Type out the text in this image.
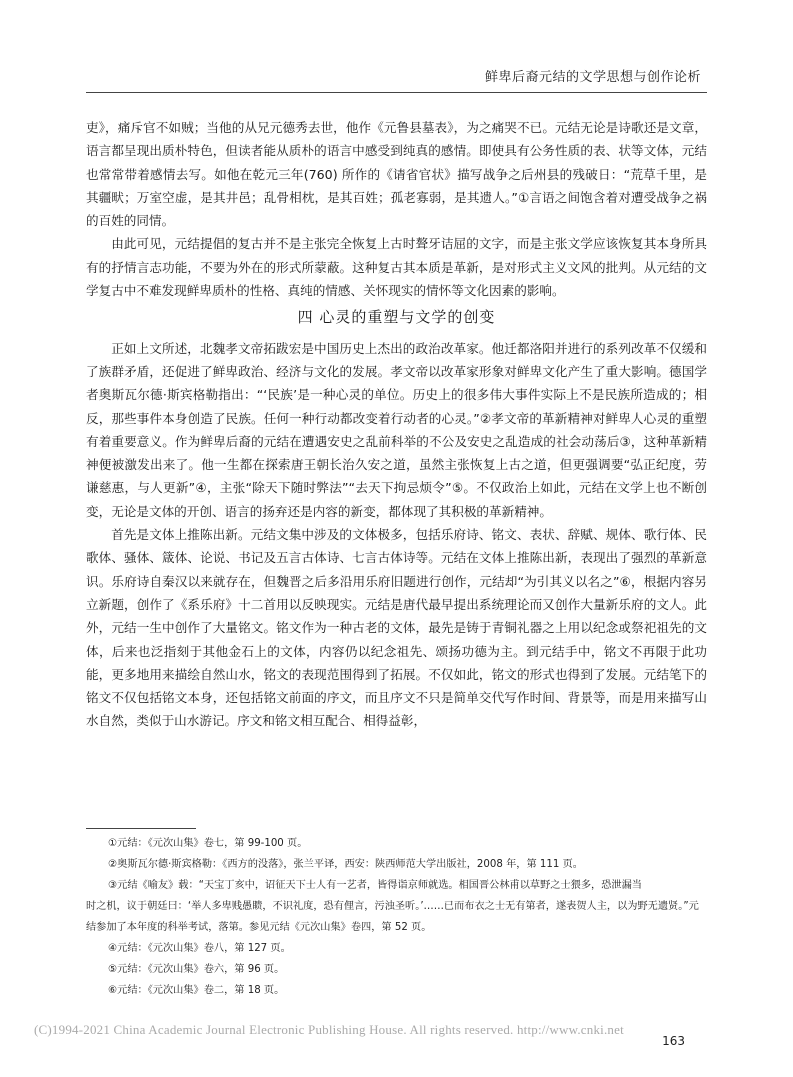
鲜卑后裔元结的文学思想与创作论析

吏》，痛斥官不如贼；当他的从兄元德秀去世，他作《元鲁县墓表》，为之痛哭不已。元结无论是诗歌还是文章，语言都呈现出质朴特色，但读者能从质朴的语言中感受到纯真的感情。即使具有公务性质的表、状等文体，元结也常常带着感情去写。如他在乾元三年(760) 所作的《请省官状》描写战争之后州县的残破日：“荒草千里，是其疆畎；万室空虚，是其井邑；乱骨相枕，是其百姓；孤老寡弱，是其遗人。”①言语之间饱含着对遭受战争之祸的百姓的同情。

由此可见，元结提倡的复古并不是主张完全恢复上古时聱牙诘屈的文字，而是主张文学应该恢复其本身所具有的抒情言志功能，不要为外在的形式所蒙蔽。这种复古其本质是革新，是对形式主义文风的批判。从元结的文学复古中不难发现鲜卑质朴的性格、真纯的情感、关怀现实的情怀等文化因素的影响。

四 心灵的重塑与文学的创变

正如上文所述，北魏孝文帝拓跋宏是中国历史上杰出的政治改革家。他迁都洛阳并进行的系列改革不仅缓和了族群矛盾，还促进了鲜卑政治、经济与文化的发展。孝文帝以改革家形象对鲜卑文化产生了重大影响。德国学者奥斯瓦尔德·斯宾格勒指出：“‘民族’是一种心灵的单位。历史上的很多伟大事件实际上不是民族所造成的；相反，那些事件本身创造了民族。任何一种行动都改变着行动者的心灵。”②孝文帝的革新精神对鲜卑人心灵的重塑有着重要意义。作为鲜卑后裔的元结在遭遇安史之乱前科举的不公及安史之乱造成的社会动荡后③，这种革新精神便被激发出来了。他一生都在探索唐王朝长治久安之道，虽然主张恢复上古之道，但更强调要“弘正纪度，劳谦慈惠，与人更新”④，主张“除天下随时弊法”“去天下拘忌烦令”⑤。不仅政治上如此，元结在文学上也不断创变，无论是文体的开创、语言的扬弃还是内容的新变，都体现了其积极的革新精神。

首先是文体上推陈出新。元结文集中涉及的文体极多，包括乐府诗、铭文、表状、辞赋、规体、歌行体、民歌体、骚体、箴体、论说、书记及五言古体诗、七言古体诗等。元结在文体上推陈出新，表现出了强烈的革新意识。乐府诗自秦汉以来就存在，但魏晋之后多沿用乐府旧题进行创作，元结却“为引其义以名之”⑥，根据内容另立新题，创作了《系乐府》十二首用以反映现实。元结是唐代最早提出系统理论而又创作大量新乐府的文人。此外，元结一生中创作了大量铭文。铭文作为一种古老的文体，最先是铸于青铜礼器之上用以纪念或祭祀祖先的文体，后来也泛指刻于其他金石上的文体，内容仍以纪念祖先、颂扬功德为主。到元结手中，铭文不再限于此功能，更多地用来描绘自然山水，铭文的表现范围得到了拓展。不仅如此，铭文的形式也得到了发展。元结笔下的铭文不仅包括铭文本身，还包括铭文前面的序文，而且序文不只是简单交代写作时间、背景等，而是用来描写山水自然，类似于山水游记。序文和铭文相互配合、相得益彰，

①元结：《元次山集》卷七，第 99-100 页。

②奥斯瓦尔德·斯宾格勒：《西方的没落》，张兰平译，西安：陕西师范大学出版社，2008 年，第 111 页。

③元结《喻友》载：“天宝丁亥中，诏征天下士人有一艺者，皆得诣京师就选。相国晋公林甫以草野之士猥多，恐泄漏当

时之机，议于朝廷曰：‘举人多卑贱愚瞆，不识礼度，恐有俚言，污浊圣听。’……已而布衣之士无有第者，遂表贺人主，以为野无遗贤。”元结参加了本年度的科举考试，落第。参见元结《元次山集》卷四，第 52 页。

④元结：《元次山集》卷八，第 127 页。

⑤元结：《元次山集》卷六，第 96 页。

⑥元结：《元次山集》卷二，第 18 页。

(C)1994-2021 China Academic Journal Electronic Publishing House. All rights reserved. http://www.cnki.net
163
